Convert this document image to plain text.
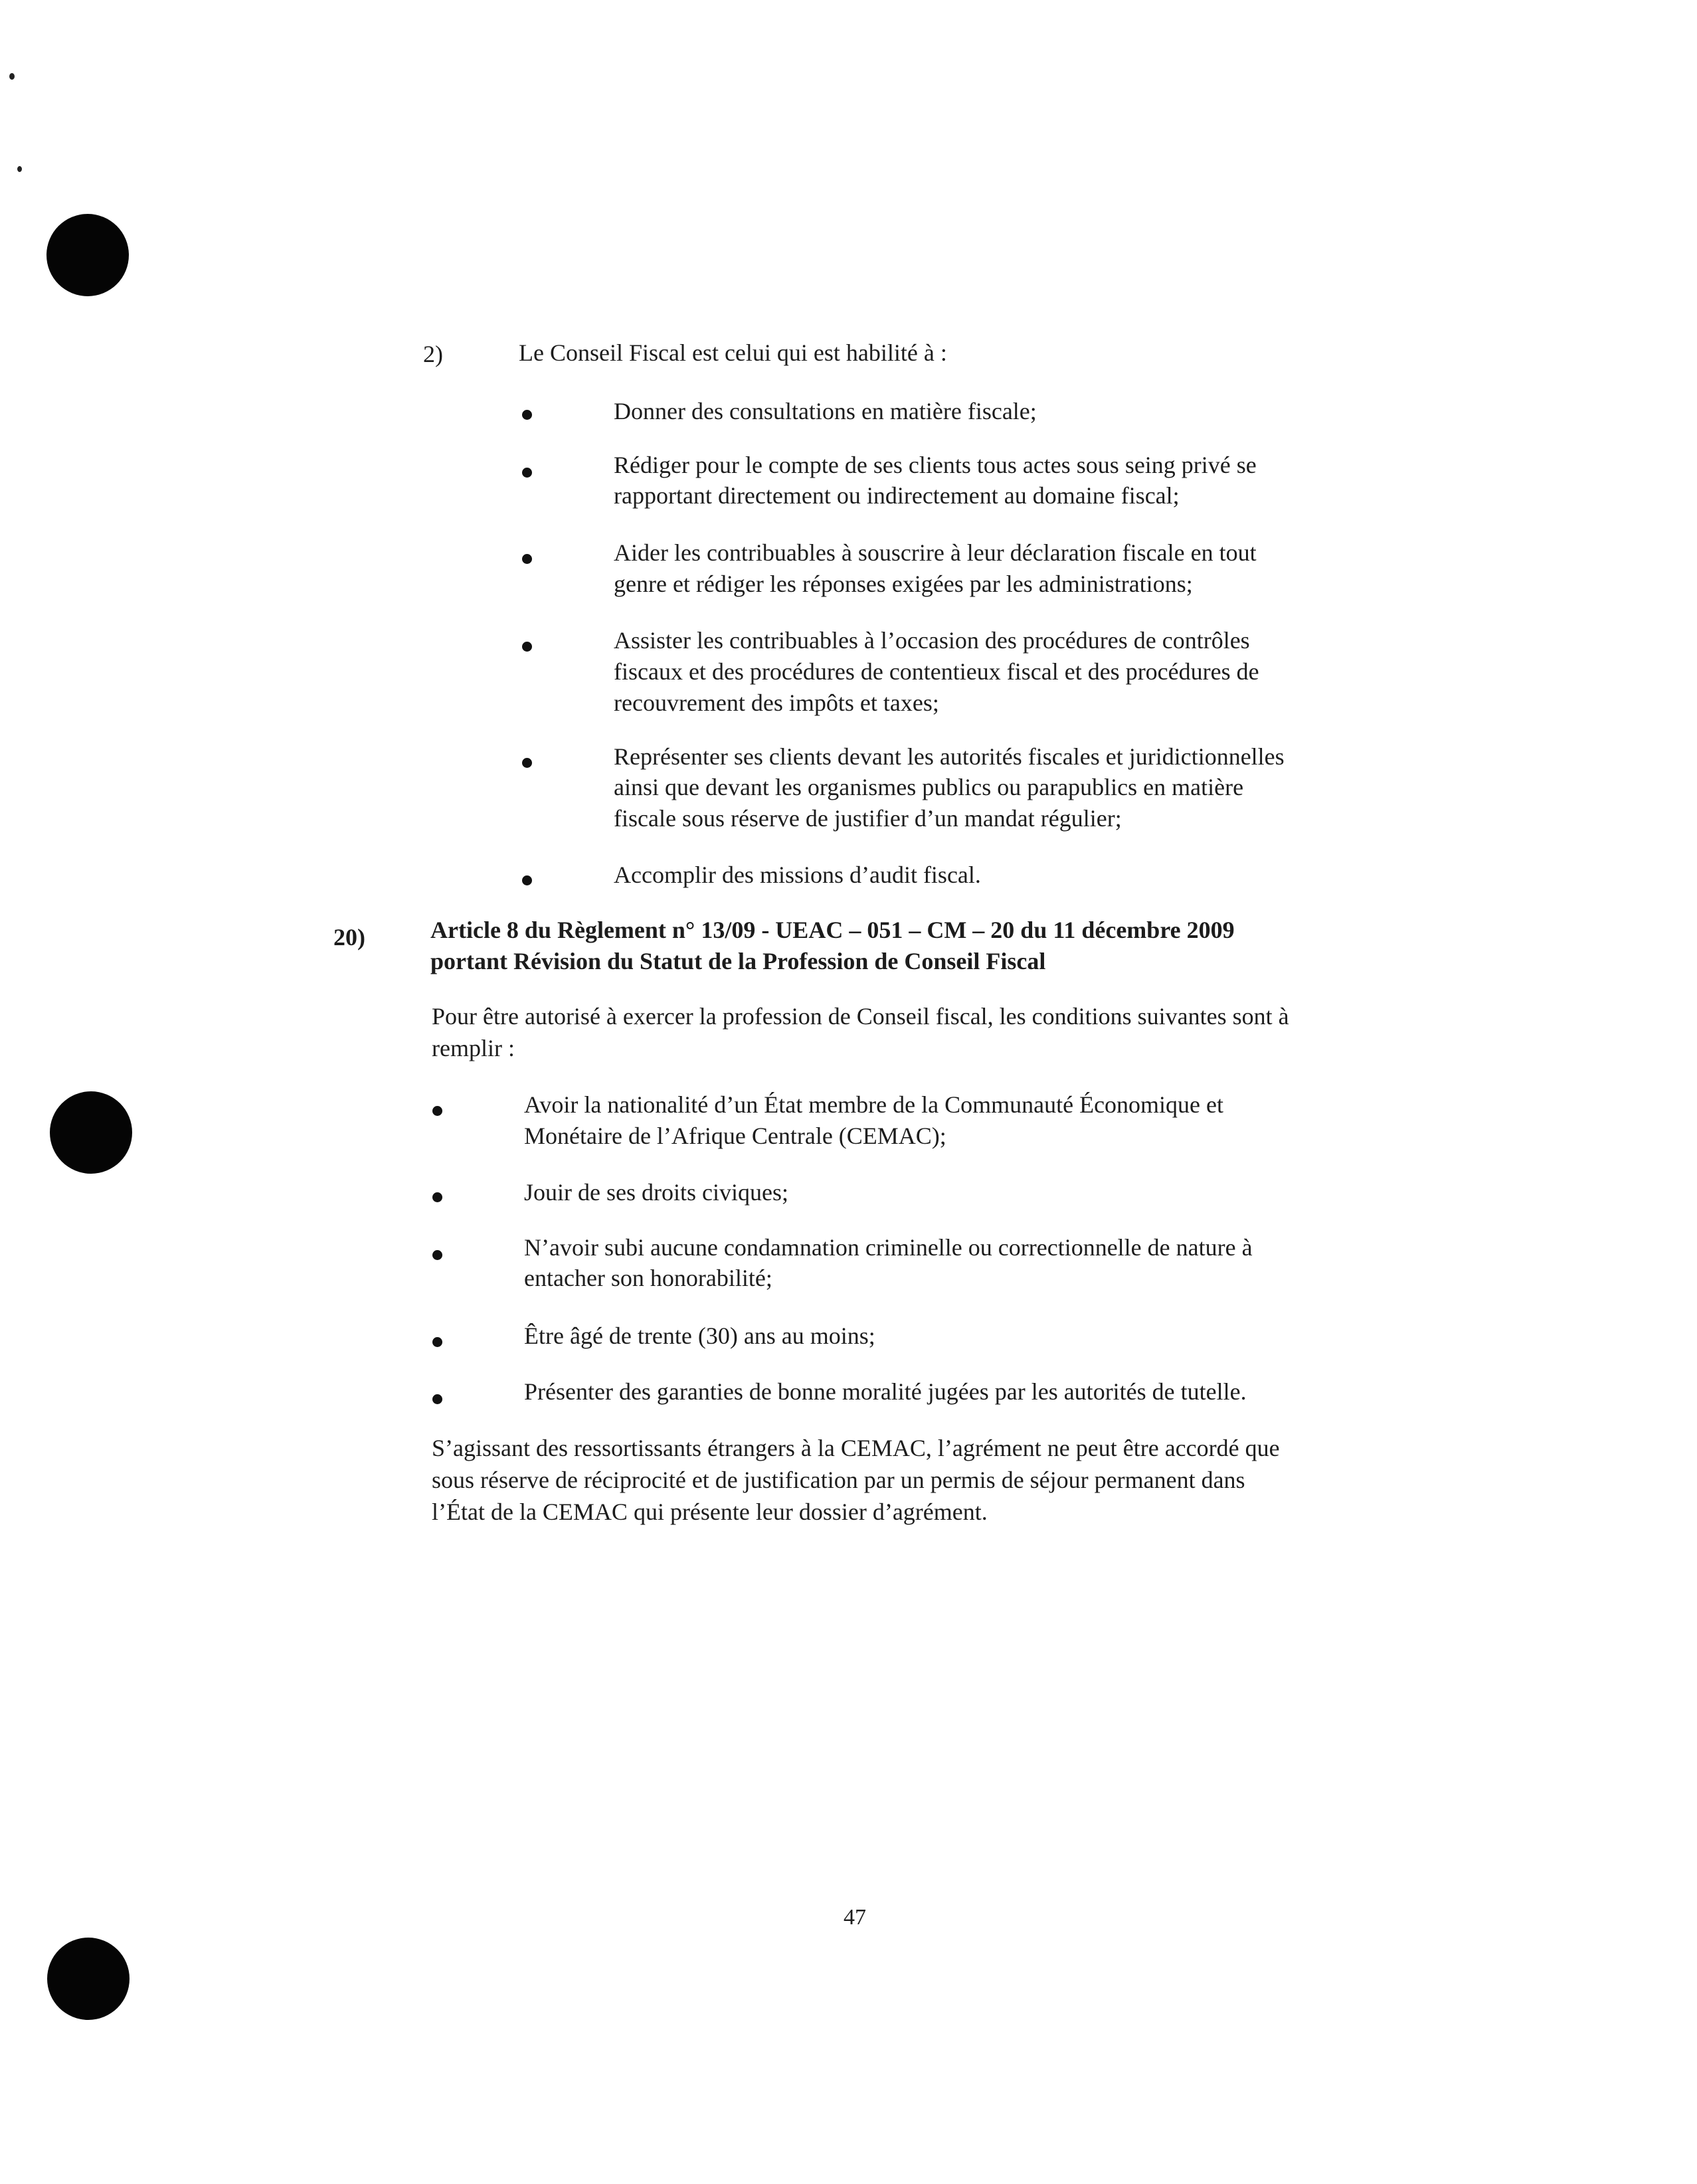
2)	Le Conseil Fiscal est celui qui est habilité à :
Donner des consultations en matière fiscale;
Rédiger pour le compte de ses clients tous actes sous seing privé se
rapportant directement ou indirectement au domaine fiscal;
Aider les contribuables à souscrire à leur déclaration fiscale en tout
genre et rédiger les réponses exigées par les administrations;
Assister les contribuables à l’occasion des procédures de contrôles
fiscaux et des procédures de contentieux fiscal et des procédures de
recouvrement des impôts et taxes;
Représenter ses clients devant les autorités fiscales et juridictionnelles
ainsi que devant les organismes publics ou parapublics en matière
fiscale sous réserve de justifier d’un mandat régulier;
Accomplir des missions d’audit fiscal.
20)	Article 8 du Règlement n° 13/09 - UEAC – 051 – CM – 20 du 11 décembre 2009
portant Révision du Statut de la Profession de Conseil Fiscal
Pour être autorisé à exercer la profession de Conseil fiscal, les conditions suivantes sont à
remplir :
Avoir la nationalité d’un État membre de la Communauté Économique et
Monétaire de l’Afrique Centrale (CEMAC);
Jouir de ses droits civiques;
N’avoir subi aucune condamnation criminelle ou correctionnelle de nature à
entacher son honorabilité;
Être âgé de trente (30) ans au moins;
Présenter des garanties de bonne moralité jugées par les autorités de tutelle.
S’agissant des ressortissants étrangers à la CEMAC, l’agrément ne peut être accordé que
sous réserve de réciprocité et de justification par un permis de séjour permanent dans
l’État de la CEMAC qui présente leur dossier d’agrément.
47
